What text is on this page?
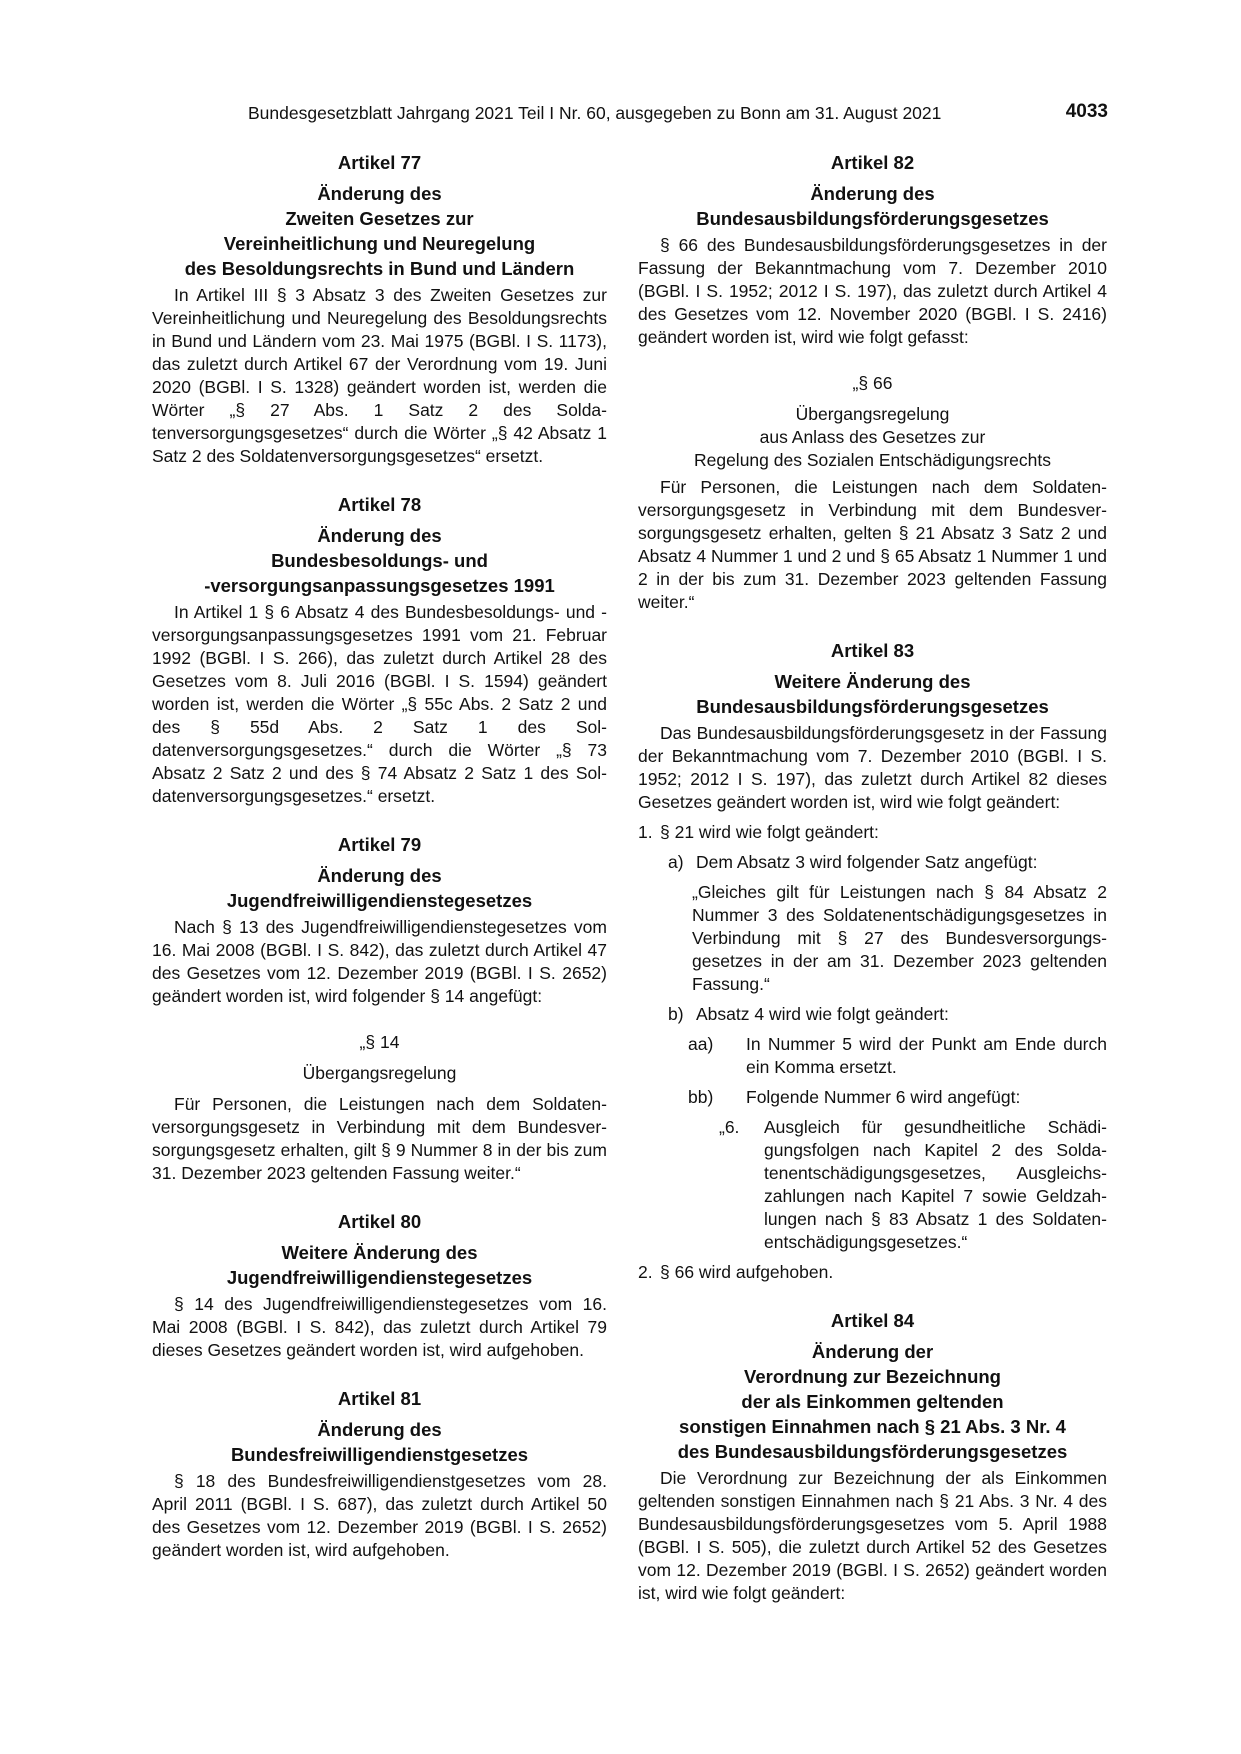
Bundesgesetzblatt Jahrgang 2021 Teil I Nr. 60, ausgegeben zu Bonn am 31. August 2021	4033
Artikel 77
Änderung des
Zweiten Gesetzes zur
Vereinheitlichung und Neuregelung
des Besoldungsrechts in Bund und Ländern

In Artikel III § 3 Absatz 3 des Zweiten Gesetzes zur Vereinheitlichung und Neuregelung des Besoldungsrechts in Bund und Ländern vom 23. Mai 1975 (BGBl. I S. 1173), das zuletzt durch Artikel 67 der Verordnung vom 19. Juni 2020 (BGBl. I S. 1328) geändert worden ist, werden die Wörter „§ 27 Abs. 1 Satz 2 des Soldatenversorgungsgesetzes“ durch die Wörter „§ 42 Absatz 1 Satz 2 des Soldatenversorgungsgesetzes“ ersetzt.

Artikel 78
Änderung des
Bundesbesoldungs- und
-versorgungsanpassungsgesetzes 1991

In Artikel 1 § 6 Absatz 4 des Bundesbesoldungs- und -versorgungsanpassungsgesetzes 1991 vom 21. Februar 1992 (BGBl. I S. 266), das zuletzt durch Artikel 28 des Gesetzes vom 8. Juli 2016 (BGBl. I S. 1594) geändert worden ist, werden die Wörter „§ 55c Abs. 2 Satz 2 und des § 55d Abs. 2 Satz 1 des Soldatenversorgungsgesetzes.“ durch die Wörter „§ 73 Absatz 2 Satz 2 und des § 74 Absatz 2 Satz 1 des Soldatenversorgungsgesetzes.“ ersetzt.

Artikel 79
Änderung des
Jugendfreiwilligendienstegesetzes

Nach § 13 des Jugendfreiwilligendienstegesetzes vom 16. Mai 2008 (BGBl. I S. 842), das zuletzt durch Artikel 47 des Gesetzes vom 12. Dezember 2019 (BGBl. I S. 2652) geändert worden ist, wird folgender § 14 angefügt:

„§ 14

Übergangsregelung

Für Personen, die Leistungen nach dem Soldatenversorgungsgesetz in Verbindung mit dem Bundesversorgungsgesetz erhalten, gilt § 9 Nummer 8 in der bis zum 31. Dezember 2023 geltenden Fassung weiter.“

Artikel 80
Weitere Änderung des
Jugendfreiwilligendienstegesetzes

§ 14 des Jugendfreiwilligendienstegesetzes vom 16. Mai 2008 (BGBl. I S. 842), das zuletzt durch Artikel 79 dieses Gesetzes geändert worden ist, wird aufgehoben.

Artikel 81
Änderung des
Bundesfreiwilligendienstgesetzes

§ 18 des Bundesfreiwilligendienstgesetzes vom 28. April 2011 (BGBl. I S. 687), das zuletzt durch Artikel 50 des Gesetzes vom 12. Dezember 2019 (BGBl. I S. 2652) geändert worden ist, wird aufgehoben.

Artikel 82
Änderung des
Bundesausbildungsförderungsgesetzes

§ 66 des Bundesausbildungsförderungsgesetzes in der Fassung der Bekanntmachung vom 7. Dezember 2010 (BGBl. I S. 1952; 2012 I S. 197), das zuletzt durch Artikel 4 des Gesetzes vom 12. November 2020 (BGBl. I S. 2416) geändert worden ist, wird wie folgt gefasst:

„§ 66

Übergangsregelung

aus Anlass des Gesetzes zur

Regelung des Sozialen Entschädigungsrechts

Für Personen, die Leistungen nach dem Soldatenversorgungsgesetz in Verbindung mit dem Bundesversorgungsgesetz erhalten, gelten § 21 Absatz 3 Satz 2 und Absatz 4 Nummer 1 und 2 und § 65 Absatz 1 Nummer 1 und 2 in der bis zum 31. Dezember 2023 geltenden Fassung weiter.“

Artikel 83
Weitere Änderung des
Bundesausbildungsförderungsgesetzes

Das Bundesausbildungsförderungsgesetz in der Fassung der Bekanntmachung vom 7. Dezember 2010 (BGBl. I S. 1952; 2012 I S. 197), das zuletzt durch Artikel 82 dieses Gesetzes geändert worden ist, wird wie folgt geändert:

1. § 21 wird wie folgt geändert:
a) Dem Absatz 3 wird folgender Satz angefügt:
„Gleiches gilt für Leistungen nach § 84 Absatz 2 Nummer 3 des Soldatenentschädigungsgesetzes in Verbindung mit § 27 des Bundesversorgungsgesetzes in der am 31. Dezember 2023 geltenden Fassung.“
b) Absatz 4 wird wie folgt geändert:
aa) In Nummer 5 wird der Punkt am Ende durch ein Komma ersetzt.
bb) Folgende Nummer 6 wird angefügt:
„6. Ausgleich für gesundheitliche Schädigungsfolgen nach Kapitel 2 des Soldatenentschädigungsgesetzes, Ausgleichszahlungen nach Kapitel 7 sowie Geldzahlungen nach § 83 Absatz 1 des Soldatenentschädigungsgesetzes.“
2. § 66 wird aufgehoben.
Artikel 84
Änderung der
Verordnung zur Bezeichnung
der als Einkommen geltenden
sonstigen Einnahmen nach § 21 Abs. 3 Nr. 4
des Bundesausbildungsförderungsgesetzes

Die Verordnung zur Bezeichnung der als Einkommen geltenden sonstigen Einnahmen nach § 21 Abs. 3 Nr. 4 des Bundesausbildungsförderungsgesetzes vom 5. April 1988 (BGBl. I S. 505), die zuletzt durch Artikel 52 des Gesetzes vom 12. Dezember 2019 (BGBl. I S. 2652) geändert worden ist, wird wie folgt geändert:
